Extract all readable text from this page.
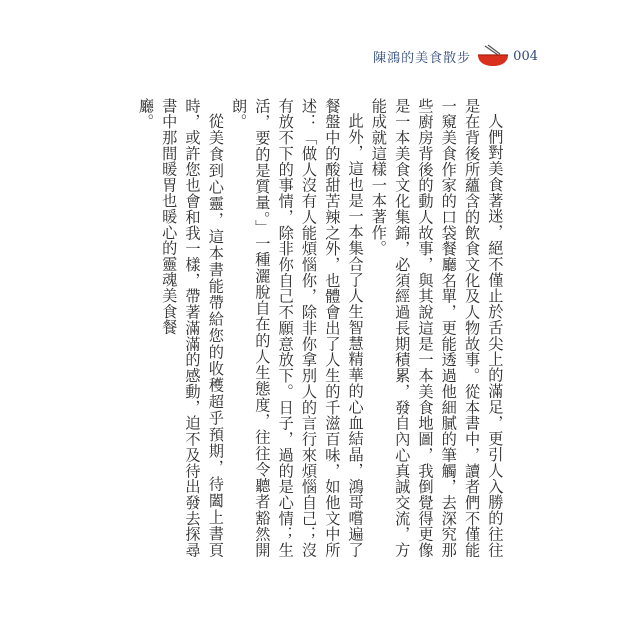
陳鴻的美食散步	004

人們對美食著迷，絕不僅止於舌尖上的滿足，更引人入勝的往往是在背後所蘊含的飲食文化及人物故事。從本書中，讀者們不僅能一窺美食作家的口袋餐廳名單，更能透過他細膩的筆觸，去深究那些廚房背後的動人故事，與其說這是一本美食地圖，我倒覺得更像是一本美食文化集錦，必須經過長期積累，發自內心真誠交流，方能成就這樣一本著作。

此外，這也是一本集合了人生智慧精華的心血結晶，鴻哥嚐遍了餐盤中的酸甜苦辣之外，也體會出了人生的千滋百味，如他文中所述：「做人沒有人能煩惱你，除非你拿別人的言行來煩惱自己；沒有放不下的事情，除非你自己不願意放下。日子，過的是心情；生活，要的是質量。」一種灑脫自在的人生態度，往往令聽者豁然開朗。

從美食到心靈，這本書能帶給您的收穫超乎預期，待闔上書頁時，或許您也會和我一樣，帶著滿滿的感動，迫不及待出發去探尋書中那間暖胃也暖心的靈魂美食餐

廳。
